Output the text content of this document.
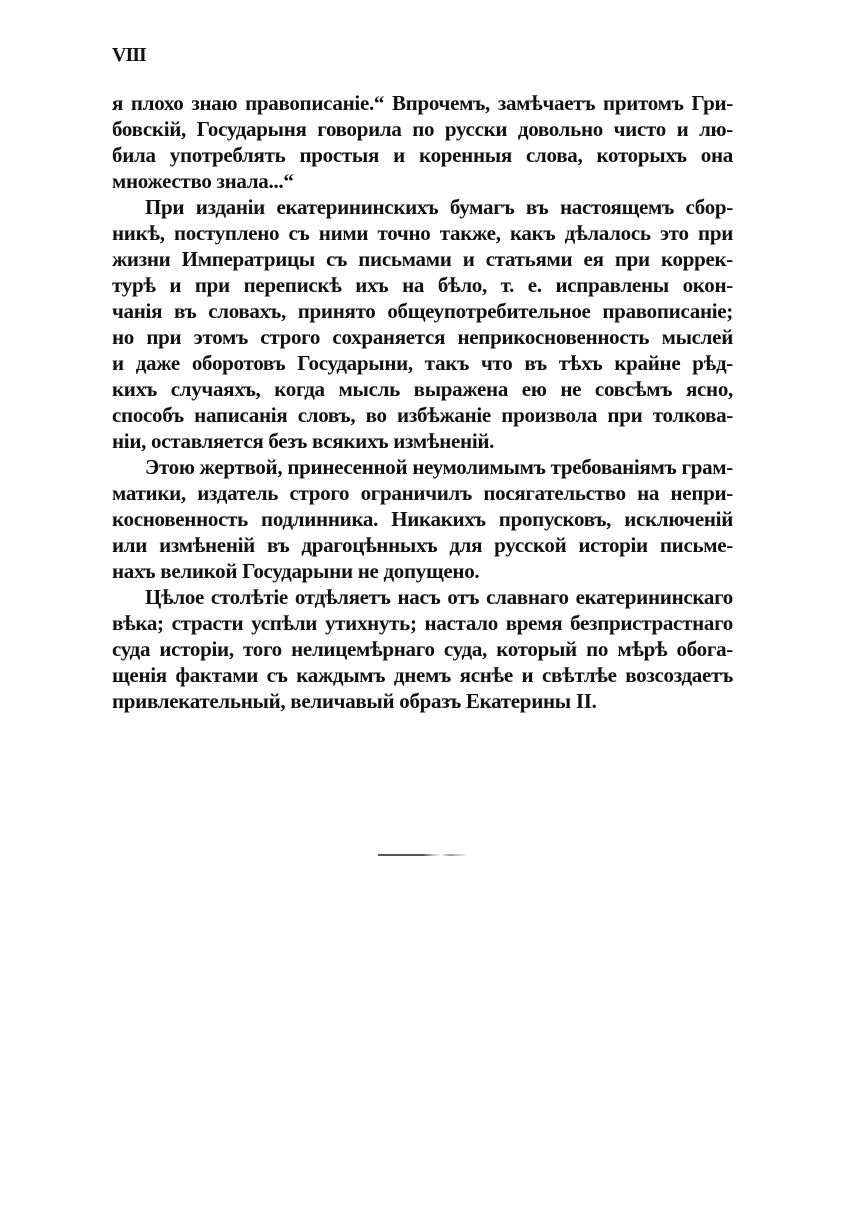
VIII
я плохо знаю правописаніе.“ Впрочемъ, замѣчаетъ притомъ Гри-
бовскій, Государыня говорила по русски довольно чисто и лю-
била употреблять простыя и коренныя слова, которыхъ она
множество знала...“
При изданіи екатерининскихъ бумагъ въ настоящемъ сбор-
никѣ, поступлено съ ними точно также, какъ дѣлалось это при
жизни Императрицы съ письмами и статьями ея при коррек-
турѣ и при перепискѣ ихъ на бѣло, т. е. исправлены окон-
чанія въ словахъ, принято общеупотребительное правописаніе;
но при этомъ строго сохраняется неприкосновенность мыслей
и даже оборотовъ Государыни, такъ что въ тѣхъ крайне рѣд-
кихъ случаяхъ, когда мысль выражена ею не совсѣмъ ясно,
способъ написанія словъ, во избѣжаніе произвола при толкова-
ніи, оставляется безъ всякихъ измѣненій.
Этою жертвой, принесенной неумолимымъ требованіямъ грам-
матики, издатель строго ограничилъ посягательство на непри-
косновенность подлинника. Никакихъ пропусковъ, исключеній
или измѣненій въ драгоцѣнныхъ для русской исторіи письме-
нахъ великой Государыни не допущено.
Цѣлое столѣтіе отдѣляетъ насъ отъ славнаго екатерининскаго
вѣка; страсти успѣли утихнуть; настало время безпристрастнаго
суда исторіи, того нелицемѣрнаго суда, который по мѣрѣ обога-
щенія фактами съ каждымъ днемъ яснѣе и свѣтлѣе возсоздаетъ
привлекательный, величавый образъ Екатерины II.
